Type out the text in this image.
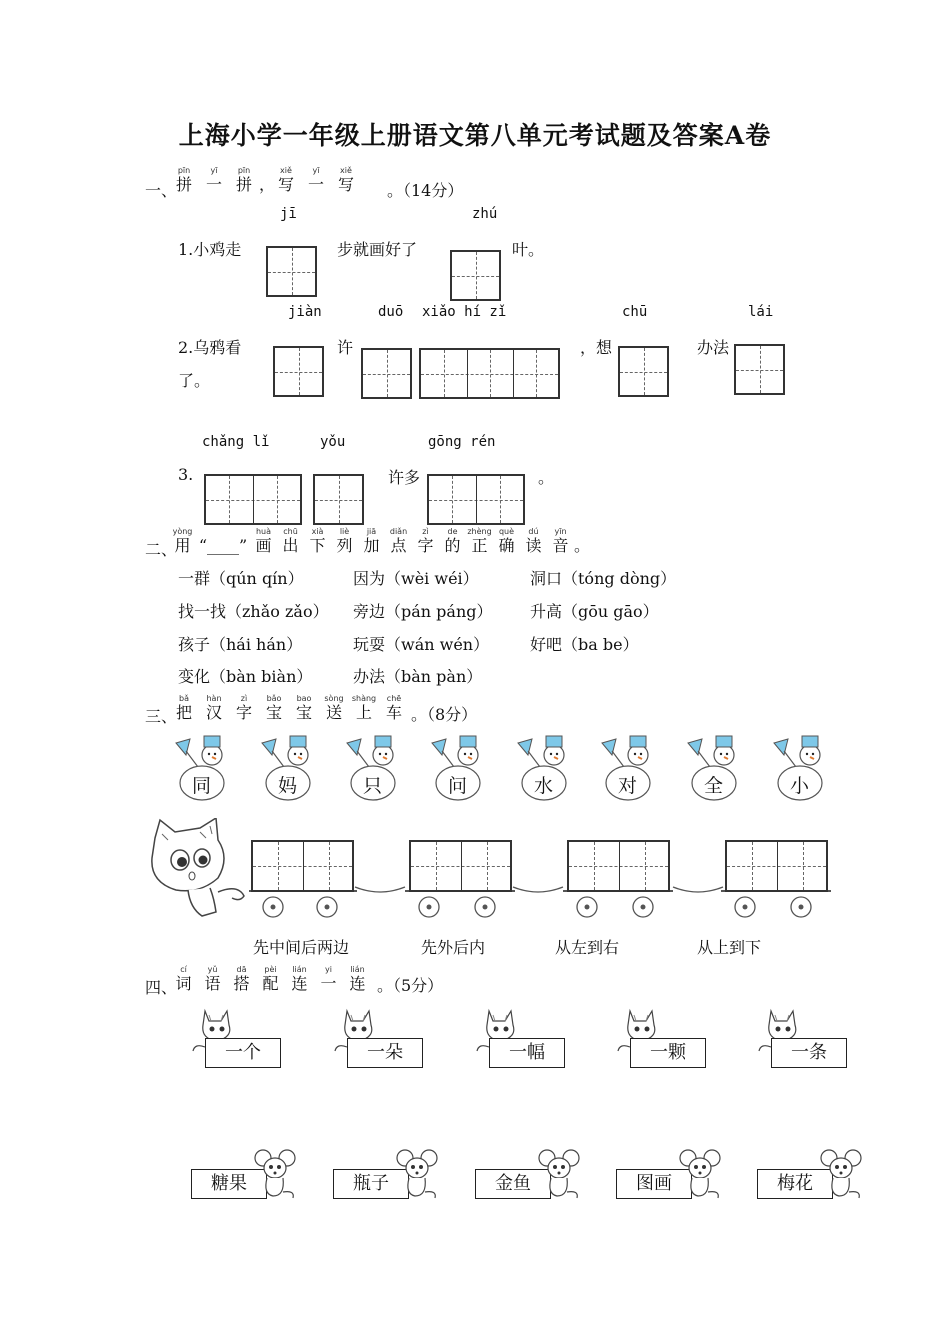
上海小学一年级上册语文第八单元考试题及答案A卷
一、
pīn
拼
yī
一
pīn
拼 ，
xiě
写
yī
一
xiě
写	。（14分）
jī	zhú
1.小鸡走	步就画好了	叶。
jiàn	duō xiǎo hí zǐ	chū	lái
2.乌鸦看
了。
许	，想	办法
chǎng lǐ	yǒu	gōng rén
3.	许多	。
二、
yòng
用 “____”
huà
画
chū
出
xià
下
liè
列
jiā
加
diǎn
点
zì
字
de
的
zhèng
正
què
确
dú
读
yīn
音 。
一群（qún qín）	因为（wèi wéi）	洞口（tóng dòng）
找一找（zhǎo zǎo） 旁边（pán páng） 升高（gōu gāo）
孩子（hái hán）	玩耍（wán wén）	好吧（ba be）
变化（bàn biàn）	办法（bàn pàn）
三、
bǎ
把
hàn
汉
zì
字
bǎo
宝
bao
宝
sòng
送
shàng
上
chē
车 。（8分）
同	妈	只	问	水	对	全	小
先中间后两边	先外后内	从左到右	从上到下
四、
cí
词
yǔ
语
dā
搭
pèi
配
lián
连
yi
一
lián
连 。（5分）
一个	一朵	一幅	一颗	一条
糖果	瓶子	金鱼	图画	梅花
